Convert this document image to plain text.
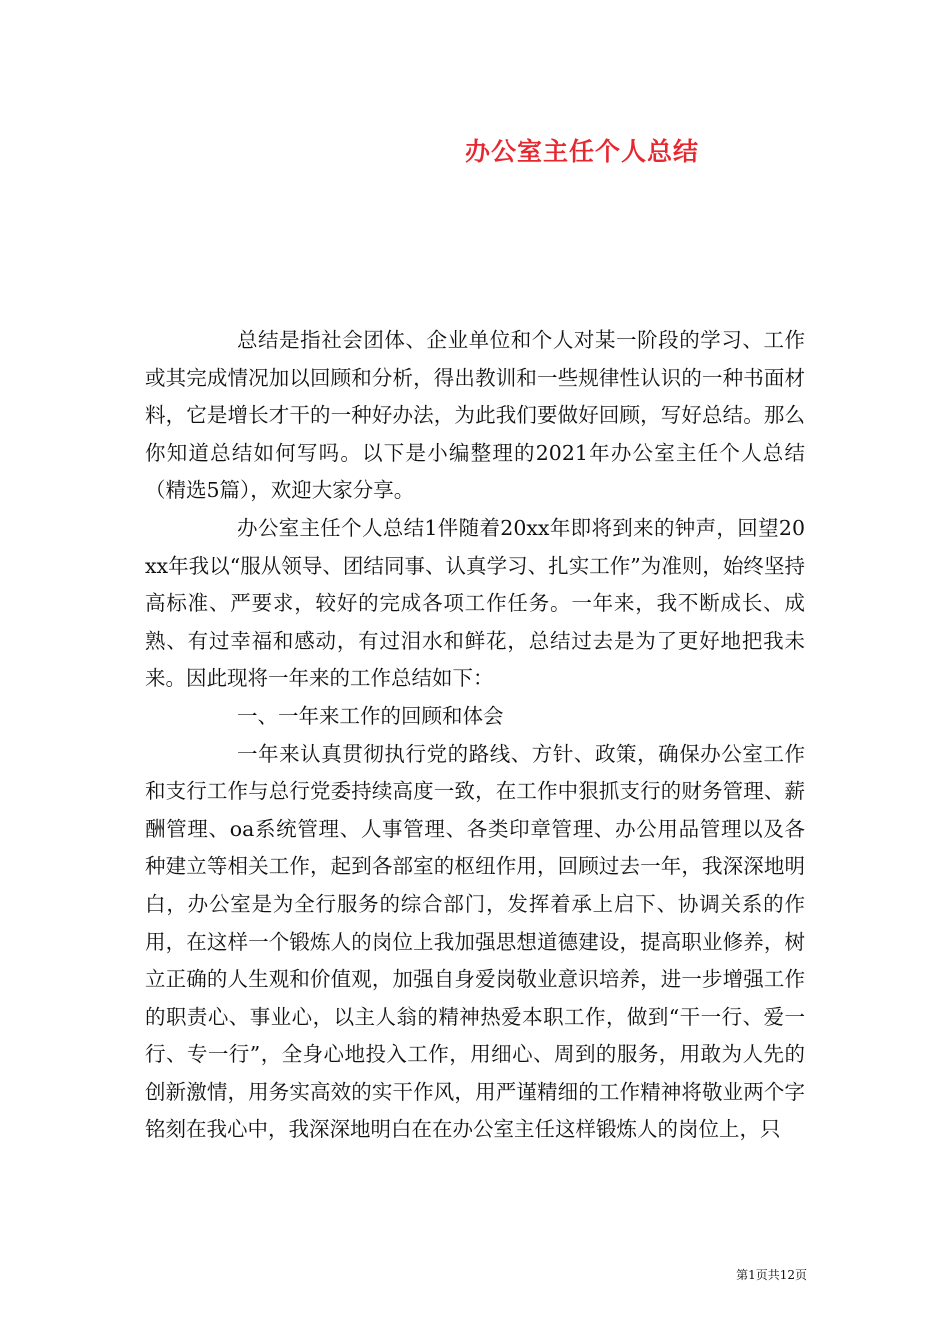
办公室主任个人总结

总结是指社会团体、企业单位和个人对某一阶段的学习、工作或其完成情况加以回顾和分析，得出教训和一些规律性认识的一种书面材料，它是增长才干的一种好办法，为此我们要做好回顾，写好总结。那么你知道总结如何写吗。以下是小编整理的2021年办公室主任个人总结（精选5篇），欢迎大家分享。

办公室主任个人总结1伴随着20xx年即将到来的钟声，回望20xx年我以“服从领导、团结同事、认真学习、扎实工作”为准则，始终坚持高标准、严要求，较好的完成各项工作任务。一年来，我不断成长、成熟、有过幸福和感动，有过泪水和鲜花，总结过去是为了更好地把我未来。因此现将一年来的工作总结如下：

一、一年来工作的回顾和体会

一年来认真贯彻执行党的路线、方针、政策，确保办公室工作和支行工作与总行党委持续高度一致，在工作中狠抓支行的财务管理、薪酬管理、oa系统管理、人事管理、各类印章管理、办公用品管理以及各种建立等相关工作，起到各部室的枢纽作用，回顾过去一年，我深深地明白，办公室是为全行服务的综合部门，发挥着承上启下、协调关系的作用，在这样一个锻炼人的岗位上我加强思想道德建设，提高职业修养，树立正确的人生观和价值观，加强自身爱岗敬业意识培养，进一步增强工作的职责心、事业心，以主人翁的精神热爱本职工作，做到“干一行、爱一行、专一行”，全身心地投入工作，用细心、周到的服务，用敢为人先的创新激情，用务实高效的实干作风，用严谨精细的工作精神将敬业两个字铭刻在我心中，我深深地明白在在办公室主任这样锻炼人的岗位上，只

第1页共12页
